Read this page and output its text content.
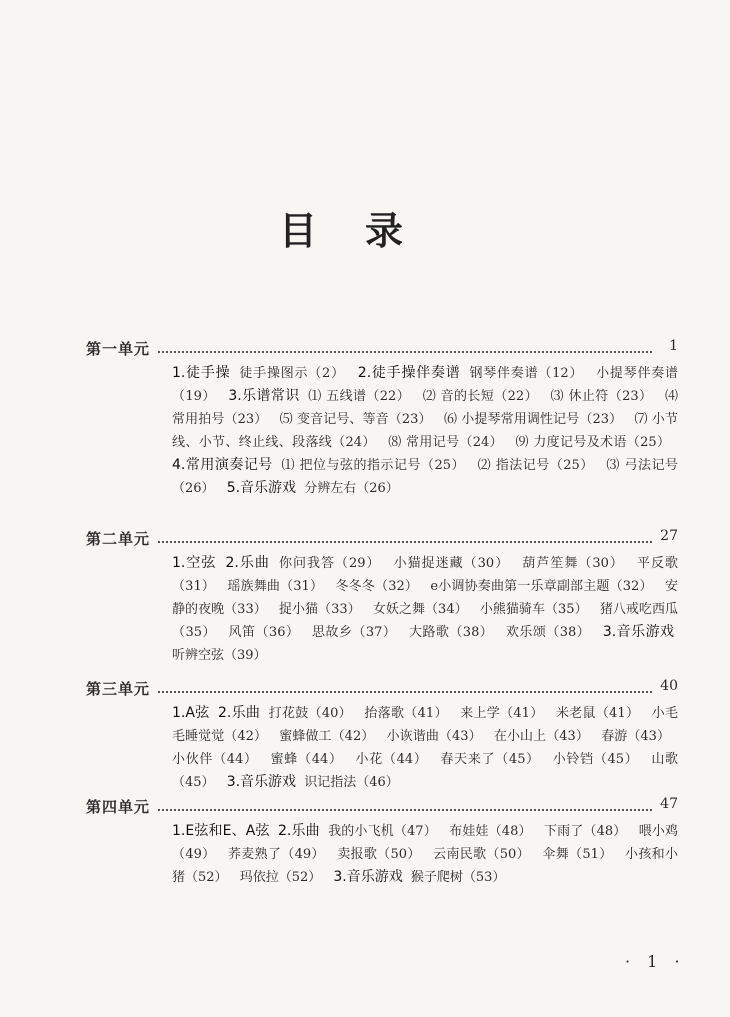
目录
第一单元	1
1.徒手操 徒手操图示（2） 2.徒手操伴奏谱 钢琴伴奏谱（12） 小提琴伴奏谱（19） 3.乐谱常识 ⑴ 五线谱（22） ⑵ 音的长短（22） ⑶ 休止符（23） ⑷ 常用拍号（23） ⑸ 变音记号、等音（23） ⑹ 小提琴常用调性记号（23） ⑺ 小节线、小节、终止线、段落线（24） ⑻ 常用记号（24） ⑼ 力度记号及术语（25） 4.常用演奏记号 ⑴ 把位与弦的指示记号（25） ⑵ 指法记号（25） ⑶ 弓法记号（26） 5.音乐游戏 分辨左右（26）
第二单元	27
1.空弦 2.乐曲 你问我答（29） 小猫捉迷藏（30） 葫芦笙舞（30） 平反歌（31） 瑶族舞曲（31） 冬冬冬（32） e小调协奏曲第一乐章副部主题（32） 安静的夜晚（33） 捉小猫（33） 女妖之舞（34） 小熊猫骑车（35） 猪八戒吃西瓜（35） 风笛（36） 思故乡（37） 大路歌（38） 欢乐颂（38） 3.音乐游戏 听辨空弦（39）
第三单元	40
1.A弦 2.乐曲 打花鼓（40） 抬落歌（41） 来上学（41） 米老鼠（41） 小毛毛睡觉觉（42） 蜜蜂做工（42） 小诙谐曲（43） 在小山上（43） 春游（43） 小伙伴（44） 蜜蜂（44） 小花（44） 春天来了（45） 小铃铛（45） 山歌（45） 3.音乐游戏 识记指法（46）
第四单元	47
1.E弦和E、A弦 2.乐曲 我的小飞机（47） 布娃娃（48） 下雨了（48） 喂小鸡（49） 荞麦熟了（49） 卖报歌（50） 云南民歌（50） 伞舞（51） 小孩和小猪（52） 玛依拉（52） 3.音乐游戏 猴子爬树（53）
· 1 ·
